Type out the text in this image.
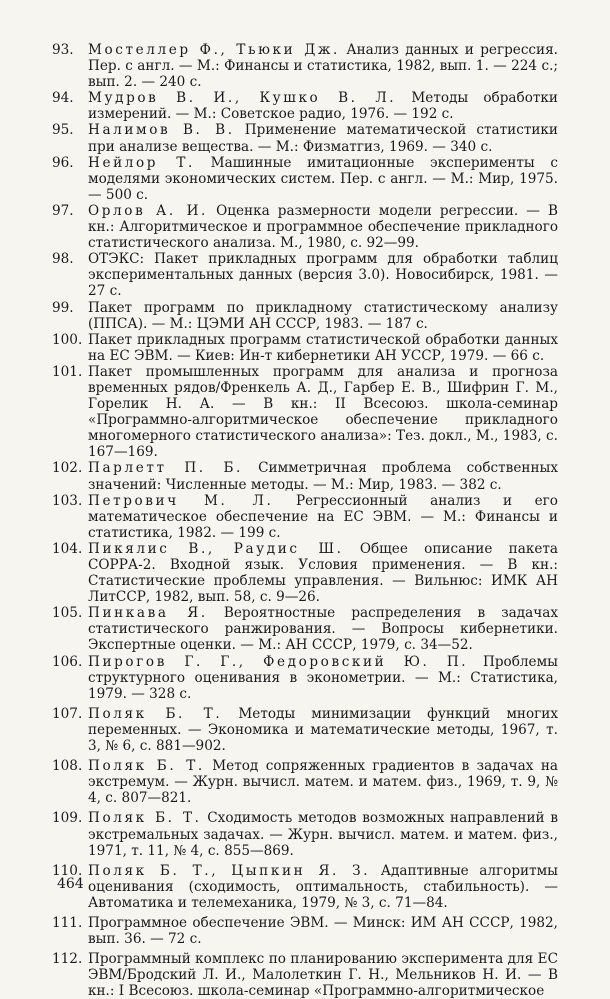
93.	Мостеллер Ф., Тьюки Дж. Анализ данных и регрессия. Пер. с англ. — М.: Финансы и статистика, 1982, вып. 1. — 224 с.; вып. 2. — 240 с.
94.	Мудров В. И., Кушко В. Л. Методы обработки измерений. — М.: Советское радио, 1976. — 192 с.
95.	Налимов В. В. Применение математической статистики при анализе вещества. — М.: Физматгиз, 1969. — 340 с.
96.	Нейлор Т. Машинные имитационные эксперименты с моделями экономических систем. Пер. с англ. — М.: Мир, 1975. — 500 с.
97.	Орлов А. И. Оценка размерности модели регрессии. — В кн.: Алгоритмическое и программное обеспечение прикладного статистического анализа. М., 1980, с. 92—99.
98.	ОТЭКС: Пакет прикладных программ для обработки таблиц экспериментальных данных (версия 3.0). Новосибирск, 1981. — 27 с.
99.	Пакет программ по прикладному статистическому анализу (ППСА). — М.: ЦЭМИ АН СССР, 1983. — 187 с.
100. Пакет прикладных программ статистической обработки данных на ЕС ЭВМ. — Киев: Ин-т кибернетики АН УССР, 1979. — 66 с.
101. Пакет промышленных программ для анализа и прогноза временных рядов/Френкель А. Д., Гарбер Е. В., Шифрин Г. М., Горелик Н. А. — В кн.: II Всесоюз. школа-семинар «Программно-алгоритмическое обеспечение прикладного многомерного статистического анализа»: Тез. докл., М., 1983, с. 167—169.
102. Парлетт П. Б. Симметричная проблема собственных значений: Численные методы. — М.: Мир, 1983. — 382 с.
103. Петрович М. Л. Регрессионный анализ и его математическое обеспечение на ЕС ЭВМ. — М.: Финансы и статистика, 1982. — 199 с.
104. Пикялис В., Раудис Ш. Общее описание пакета СОРРА-2. Входной язык. Условия применения. — В кн.: Статистические проблемы управления. — Вильнюс: ИМК АН ЛитССР, 1982, вып. 58, с. 9—26.
105. Пинкава Я. Вероятностные распределения в задачах статистического ранжирования. — Вопросы кибернетики. Экспертные оценки. — М.: АН СССР, 1979, с. 34—52.
106. Пирогов Г. Г., Федоровский Ю. П. Проблемы структурного оценивания в эконометрии. — М.: Статистика, 1979. — 328 с.
107. Поляк Б. Т. Методы минимизации функций многих переменных. — Экономика и математические методы, 1967, т. 3, № 6, с. 881—902.
108. Поляк Б. Т. Метод сопряженных градиентов в задачах на экстремум. — Журн. вычисл. матем. и матем. физ., 1969, т. 9, № 4, с. 807—821.
109. Поляк Б. Т. Сходимость методов возможных направлений в экстремальных задачах. — Журн. вычисл. матем. и матем. физ., 1971, т. 11, № 4, с. 855—869.
110. Поляк Б. Т., Цыпкин Я. З. Адаптивные алгоритмы оценивания (сходимость, оптимальность, стабильность). — Автоматика и телемеханика, 1979, № 3, с. 71—84.
111. Программное обеспечение ЭВМ. — Минск: ИМ АН СССР, 1982, вып. 36. — 72 с.
112. Программный комплекс по планированию эксперимента для ЕС ЭВМ/Бродский Л. И., Малолеткин Г. Н., Мельников Н. И. — В кн.: I Всесоюз. школа-семинар «Программно-алгоритмическое
464
